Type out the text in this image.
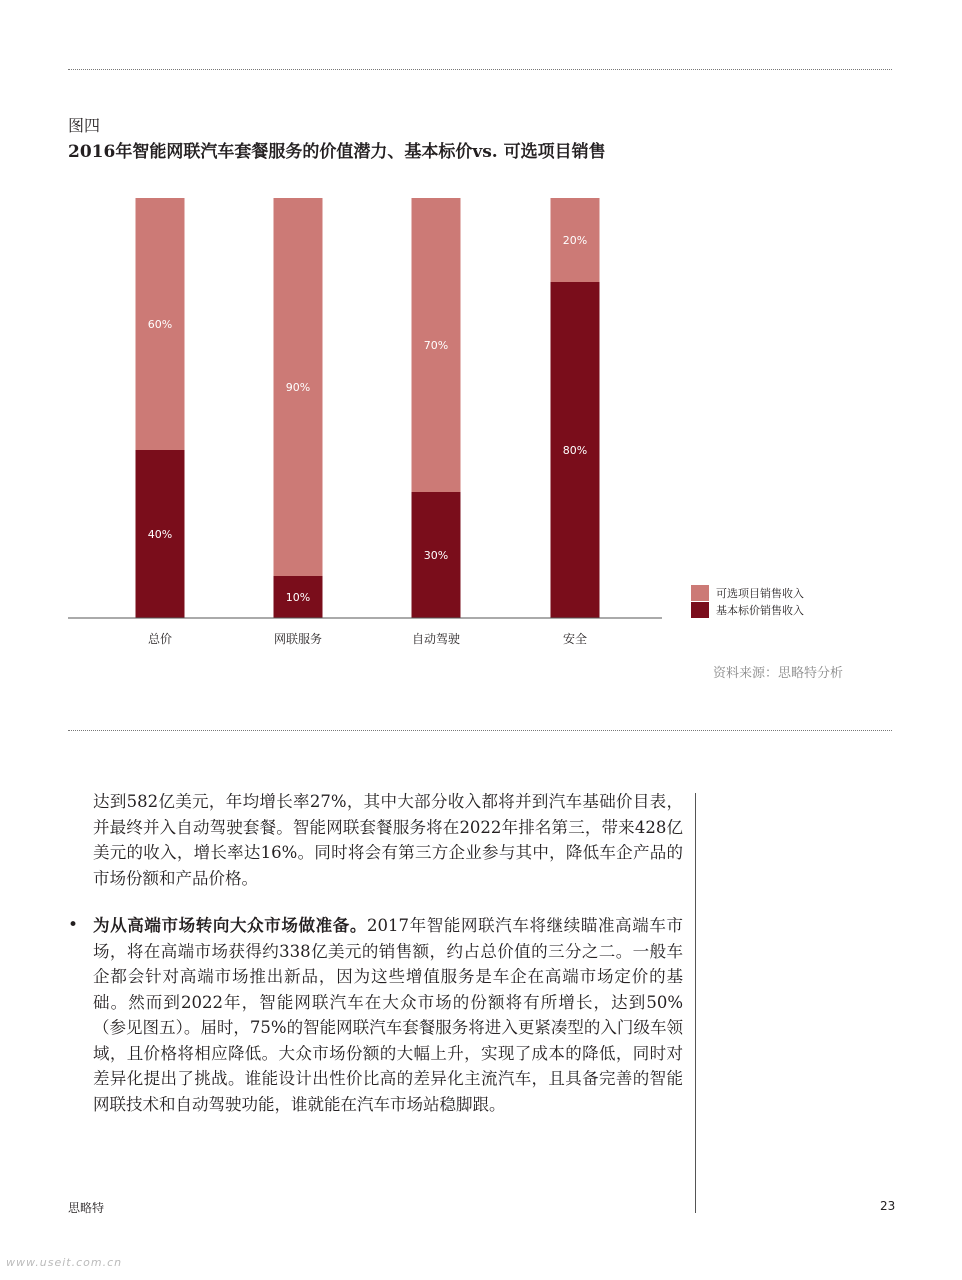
图四
2016年智能网联汽车套餐服务的价值潜力、基本标价vs. 可选项目销售
40%
60%
总价
10%
90%
网联服务
30%
70%
自动驾驶
80%
20%
安全
可选项目销售收入
基本标价销售收入
资料来源：思略特分析
达到582亿美元，年均增长率27%，其中大部分收入都将并到汽车基础价目表，并最终并入自动驾驶套餐。智能网联套餐服务将在2022年排名第三，带来428亿美元的收入，增长率达16%。同时将会有第三方企业参与其中，降低车企产品的市场份额和产品价格。
• 为从高端市场转向大众市场做准备。2017年智能网联汽车将继续瞄准高端车市场，将在高端市场获得约338亿美元的销售额，约占总价值的三分之二。一般车企都会针对高端市场推出新品，因为这些增值服务是车企在高端市场定价的基础。然而到2022年，智能网联汽车在大众市场的份额将有所增长，达到50%（参见图五）。届时，75%的智能网联汽车套餐服务将进入更紧凑型的入门级车领域，且价格将相应降低。大众市场份额的大幅上升，实现了成本的降低，同时对差异化提出了挑战。谁能设计出性价比高的差异化主流汽车，且具备完善的智能网联技术和自动驾驶功能，谁就能在汽车市场站稳脚跟。
思略特	23
www.useit.com.cn
